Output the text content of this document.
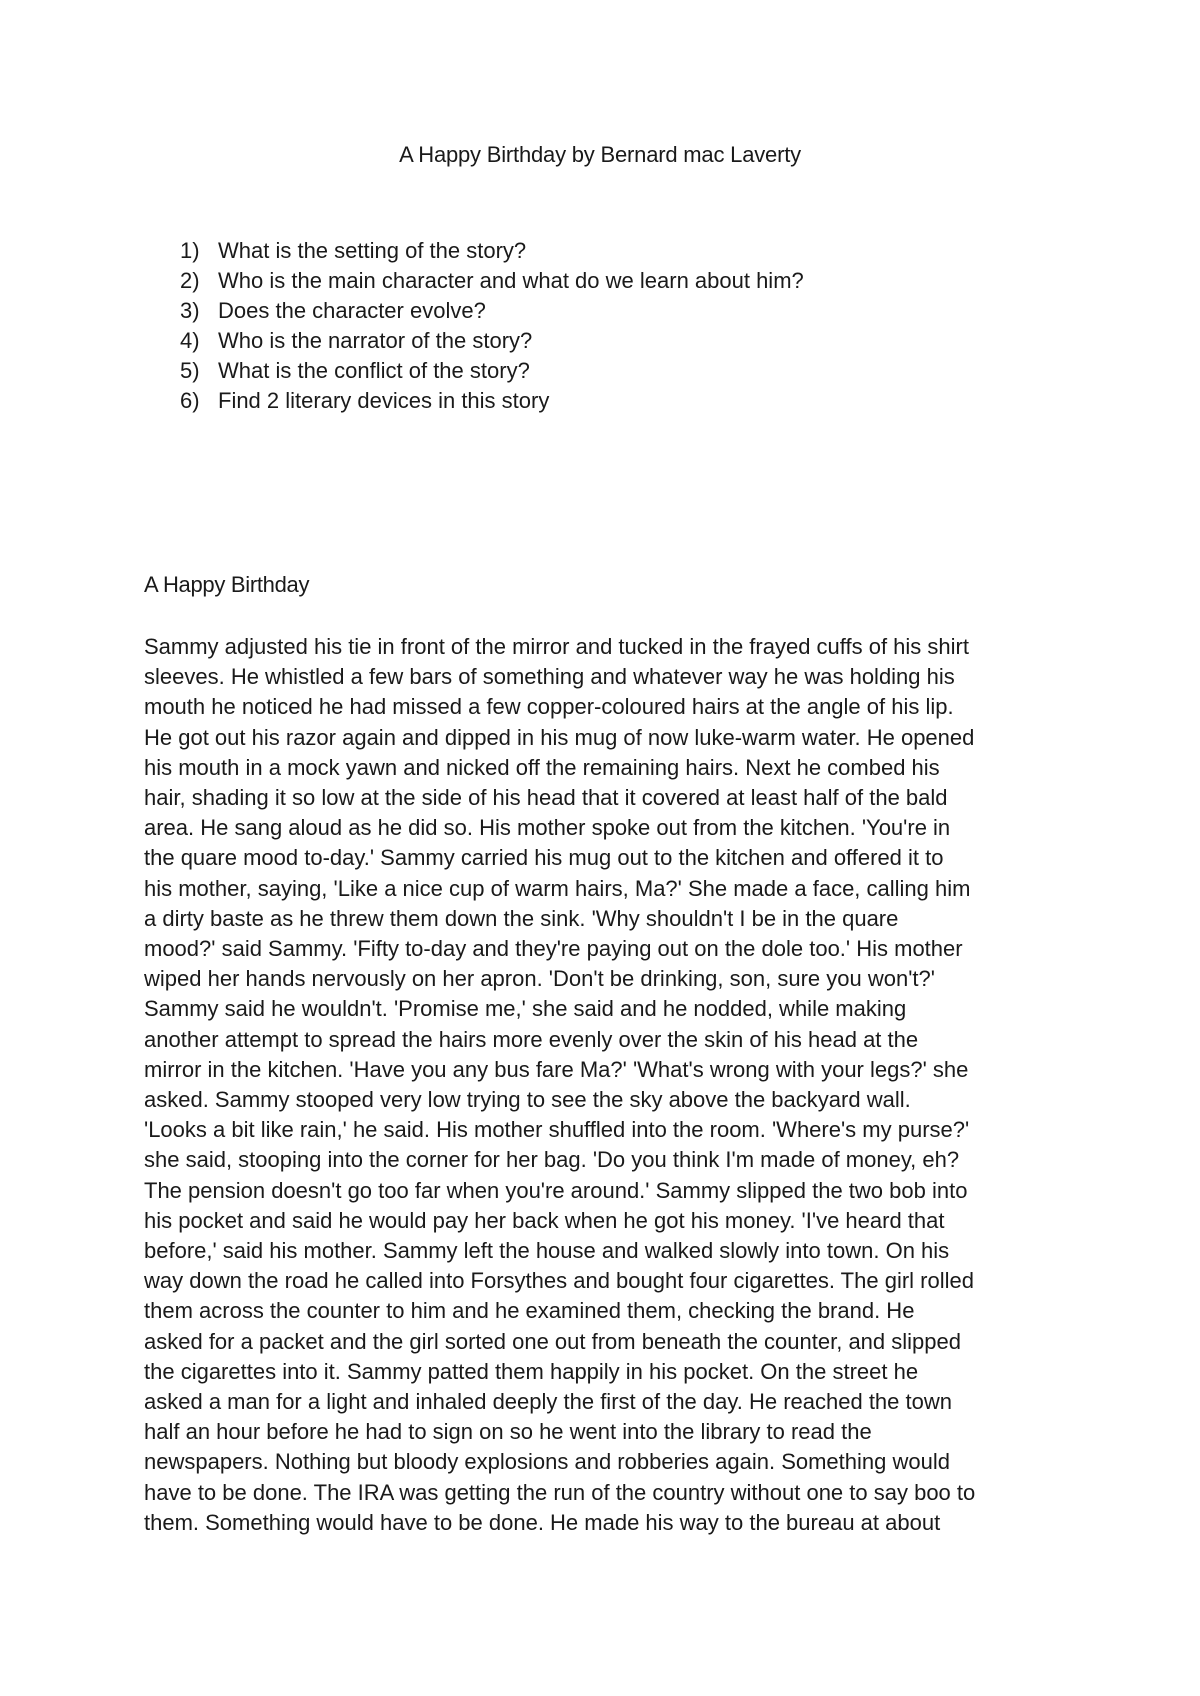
A Happy Birthday by Bernard mac Laverty
1) What is the setting of the story?
2) Who is the main character and what do we learn about him?
3) Does the character evolve?
4) Who is the narrator of the story?
5) What is the conflict of the story?
6) Find 2 literary devices in this story
A Happy Birthday
Sammy adjusted his tie in front of the mirror and tucked in the frayed cuffs of his shirt
sleeves. He whistled a few bars of something and whatever way he was holding his
mouth he noticed he had missed a few copper-coloured hairs at the angle of his lip.
He got out his razor again and dipped in his mug of now luke-warm water. He opened
his mouth in a mock yawn and nicked off the remaining hairs. Next he combed his
hair, shading it so low at the side of his head that it covered at least half of the bald
area. He sang aloud as he did so. His mother spoke out from the kitchen. 'You're in
the quare mood to-day.' Sammy carried his mug out to the kitchen and offered it to
his mother, saying, 'Like a nice cup of warm hairs, Ma?' She made a face, calling him
a dirty baste as he threw them down the sink. 'Why shouldn't I be in the quare
mood?' said Sammy. 'Fifty to-day and they're paying out on the dole too.' His mother
wiped her hands nervously on her apron. 'Don't be drinking, son, sure you won't?'
Sammy said he wouldn't. 'Promise me,' she said and he nodded, while making
another attempt to spread the hairs more evenly over the skin of his head at the
mirror in the kitchen. 'Have you any bus fare Ma?' 'What's wrong with your legs?' she
asked. Sammy stooped very low trying to see the sky above the backyard wall.
'Looks a bit like rain,' he said. His mother shuffled into the room. 'Where's my purse?'
she said, stooping into the corner for her bag. 'Do you think I'm made of money, eh?
The pension doesn't go too far when you're around.' Sammy slipped the two bob into
his pocket and said he would pay her back when he got his money. 'I've heard that
before,' said his mother. Sammy left the house and walked slowly into town. On his
way down the road he called into Forsythes and bought four cigarettes. The girl rolled
them across the counter to him and he examined them, checking the brand. He
asked for a packet and the girl sorted one out from beneath the counter, and slipped
the cigarettes into it. Sammy patted them happily in his pocket. On the street he
asked a man for a light and inhaled deeply the first of the day. He reached the town
half an hour before he had to sign on so he went into the library to read the
newspapers. Nothing but bloody explosions and robberies again. Something would
have to be done. The IRA was getting the run of the country without one to say boo to
them. Something would have to be done. He made his way to the bureau at about
